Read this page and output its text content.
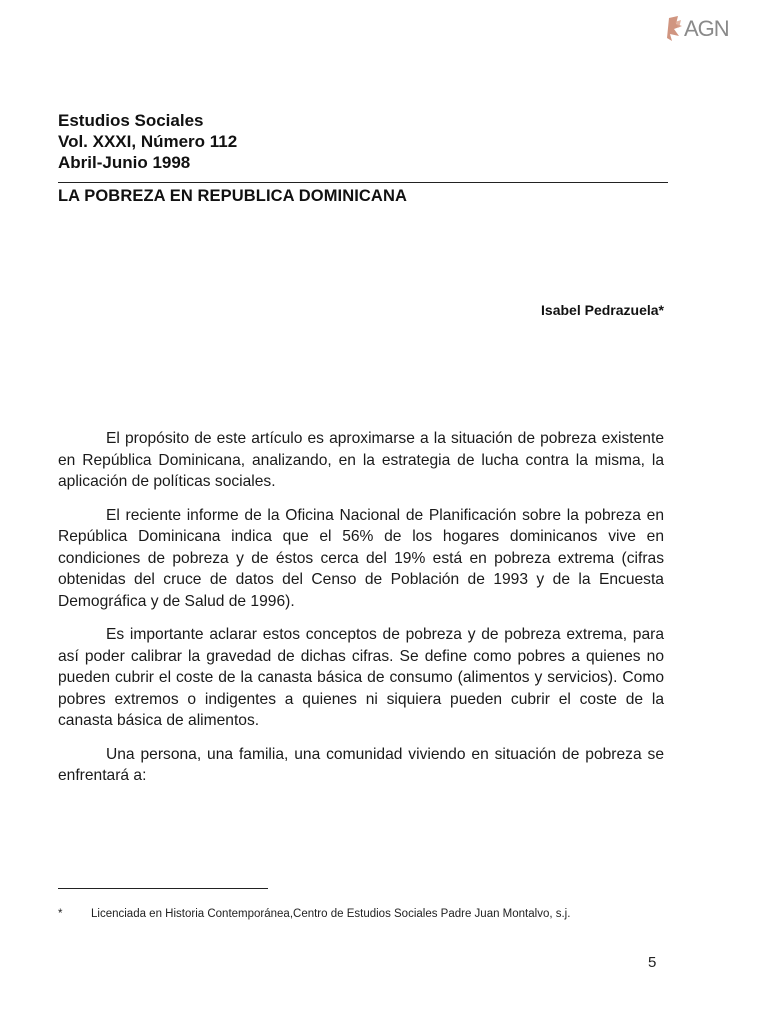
AGN
Estudios Sociales
Vol. XXXI, Número 112
Abril-Junio 1998
LA POBREZA EN REPUBLICA DOMINICANA
Isabel Pedrazuela*

El propósito de este artículo es aproximarse a la situación de pobreza existente en República Dominicana, analizando, en la estrategia de lucha contra la misma, la aplicación de políticas sociales.

El reciente informe de la Oficina Nacional de Planificación sobre la pobreza en República Dominicana indica que el 56% de los hogares dominicanos vive en condiciones de pobreza y de éstos cerca del 19% está en pobreza extrema (cifras obtenidas del cruce de datos del Censo de Población de 1993 y de la Encuesta Demográfica y de Salud de 1996).

Es importante aclarar estos conceptos de pobreza y de pobreza extrema, para así poder calibrar la gravedad de dichas cifras. Se define como pobres a quienes no pueden cubrir el coste de la canasta básica de consumo (alimentos y servicios). Como pobres extremos o indigentes a quienes ni siquiera pueden cubrir el coste de la canasta básica de alimentos.

Una persona, una familia, una comunidad viviendo en situación de pobreza se enfrentará a:

* Licenciada en Historia Contemporánea,Centro de Estudios Sociales Padre Juan Montalvo, s.j.
5
